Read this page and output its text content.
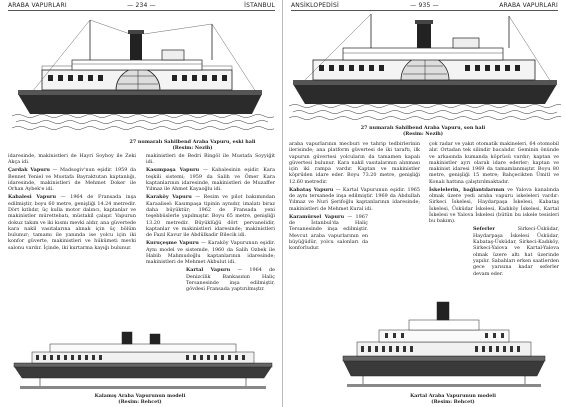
ARABA VAPURLARI	— 234 —	İSTANBUL
27 numaralı Sahilbend Araba Vapuru, eski hali
(Resim: Nezih)

idaresinde, makinistleri de Hayri Soyboy ile Zeki Akça idi.

Çardak Vapuru — Madsogiv'nun eşidir. 1959 da Bennet Yeniel ve Mustafa Bayraktutan kaptanlığı, idaresinde, makinistleri de Mehmet Doker ile Orhan Aybek'e idi.

Kabalesi Vapuru — 1964 de Fransada inşa edilmiştir, boyu 60 metre, genişliği 14.24 metredir. Dört kıtlıdır, üç kulla motor dalıncı, kaptanlar ve makinistler mürettebatı, müstakil çalışır. Vapurun dokuz takım ve iki kısmı mevki aldır, ana güvertede kara nakil vasıtalarına alınak için üç bölüm bulunur; tamamı ile yanında ise yolcu için iki konfor güverte, makinistleri ve hükümeti mevki salonu vardır. İçinde, iki kurtarma kayığı bulunur.

makinistleri de Bedri Bingöl ile Mustafa Soyyiğit idi.

Kasımpaşa Vapuru — Kabalesinin eşidir. Kara teşkili sistemi; 1959 da Salih ve Ömer Kara kaptanlarının idaresinde, makinistleri de Muzaffer Yılmaz ile Ahmet Kayaoğlu idi.

Karaköy Vapuru — Resim ve pilot bakımından Karaalisel: Kasımpaşa tipinin aynıdır, imalatı biraz daha büyüktür; 1962 de Fransada yeni teşebbüslerle yapılmıştır. Boyu 65 metre, genişliği 13.20 metredir. Büyüklüğü dört pervanelidir, kaptanlar ve makinistleri idaresinde; makinistleri de Fazıl Kavur ile Abdülkadir Bilecik idi.

Kuruçeşme Vapuru — Karaköy Vapurunun eşidir. Aynı model ve sistemde, 1960 da Salih Ozbek ile Habib Mahmudoğlu kaptanlarının idaresinde; makinistleri de Mehmet Akbulut idi.

Kartal Vapuru — 1964 de Denizcilik Bankasının Haliç Tersanesinde inşa edilmiştir, gövdesi Fransada yaptırılmıştır.

Kalamış Araba Vapurunun modeli
(Resim: Behcet)
ANSİKLOPEDİSİ	— 935 —	ARABA VAPURLARI
27 numaralı Sahilbend Araba Vapuru, son hali
(Resim: Nezih)

araba vapurlarının mecburi ve tahrip tedbirlerinin ilerisinde; ana platform güvertesi de iki taraftı, ilk vapurun güvertesi yolcuların da tamamen kapalı güvertesi bulunur. Kara nakil vasıtalarının alınması için iki rampa vardır. Kaptan ve makinistler köprüden idare eder. Boyu 73.20 metre, genişliği 12.60 metredir.

Kabataş Vapuru — Kartal Vapurunun eşidir. 1965 de aynı tersanede inşa edilmiştir. 1969 da Abdullah Yılmaz ve Nuri Şerifoğlu kaptanlarının idaresinde; makinistleri de Mehmet Kural idi.

Karamürsel Vapuru — 1967 de İstanbul'da Haliç Tersanesinde inşa edilmiştir. Mevcut araba vapurlarının en büyüğüdür, yolcu salonları da konforludur.

çok radar ve yakıt otomatik makineleri, 64 otomobil alır. Ortadan tek silindir bacalıdır. Geminin önünde ve arkasında kumanda köprüsü vardır; kaptan ve makinistler ayrı olarak idare ederler; kaptan ve makinist idaresi 1969 da tamamlanmıştır. Boyu 80 metre, genişliği 15 metre; Bahçecikten Ümitl ve Konalı hattına çalıştırılmaktadır.

İskelelerin, bağlantılarının ve Yalova kanalında olmak üzere yedi araba vapuru iskeleleri vardır: Sirkeci İskelesi, Haydarpaşa İskelesi, Kabataş İskelesi, Üsküdar İskelesi, Kadıköy İskelesi, Kartal İskelesi ve Yalova İskelesi (bütün bu iskele tesisleri bu bakım).

Seferler	Sirkeci-Üsküdar, Haydarpaşa İskelesi Üsküdar, Kabataş-Üsküdar, Sirkeci-Kadıköy, Sirkeci-Yalova ve Kartal-Yalova olmak üzere altı hat üzerinde yapılır. Sabahları erken saatlerden gece yarısına kadar seferler devam eder.

Kartal Araba Vapurunun modeli
(Resim: Behcet)
